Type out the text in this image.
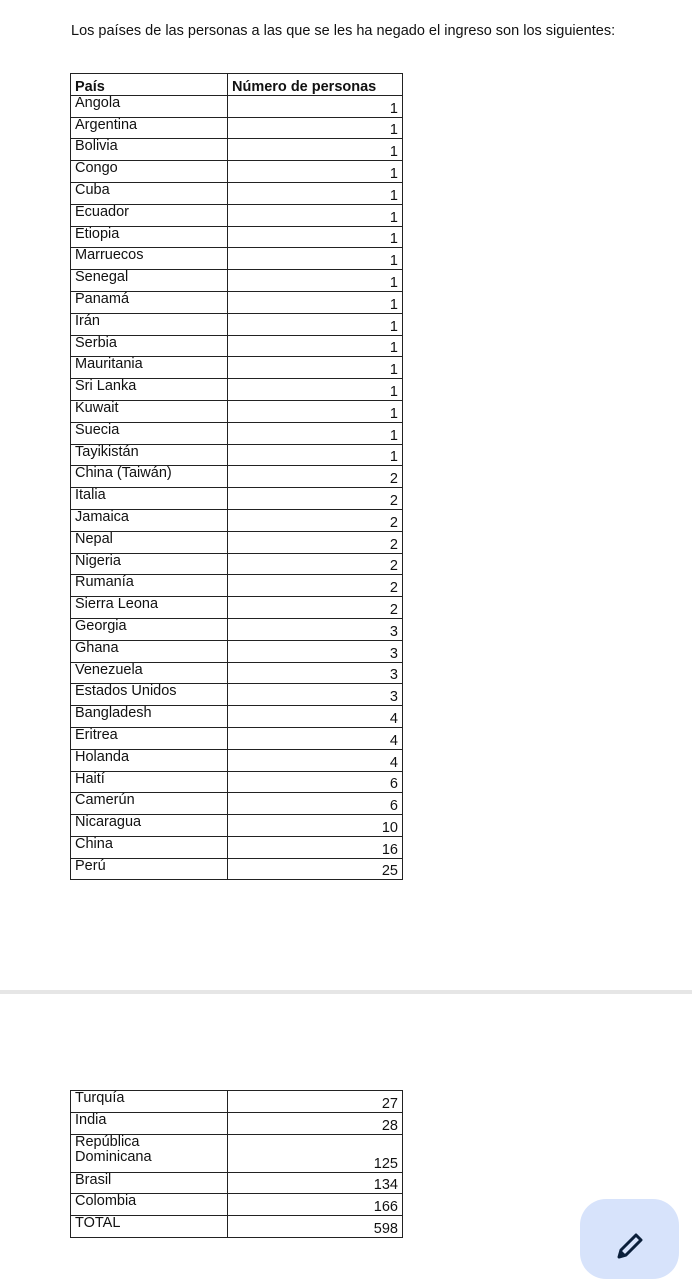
Los países de las personas a las que se les ha negado el ingreso son los siguientes:
País	Número de personas
Angola	1
Argentina	1
Bolivia	1
Congo	1
Cuba	1
Ecuador	1
Etiopia	1
Marruecos	1
Senegal	1
Panamá	1
Irán	1
Serbia	1
Mauritania	1
Sri Lanka	1
Kuwait	1
Suecia	1
Tayikistán	1
China (Taiwán)	2
Italia	2
Jamaica	2
Nepal	2
Nigeria	2
Rumanía	2
Sierra Leona	2
Georgia	3
Ghana	3
Venezuela	3
Estados Unidos	3
Bangladesh	4
Eritrea	4
Holanda	4
Haití	6
Camerún	6
Nicaragua	10
China	16
Perú	25
Turquía	27
India	28
República
Dominicana	125
Brasil	134
Colombia	166
TOTAL	598
